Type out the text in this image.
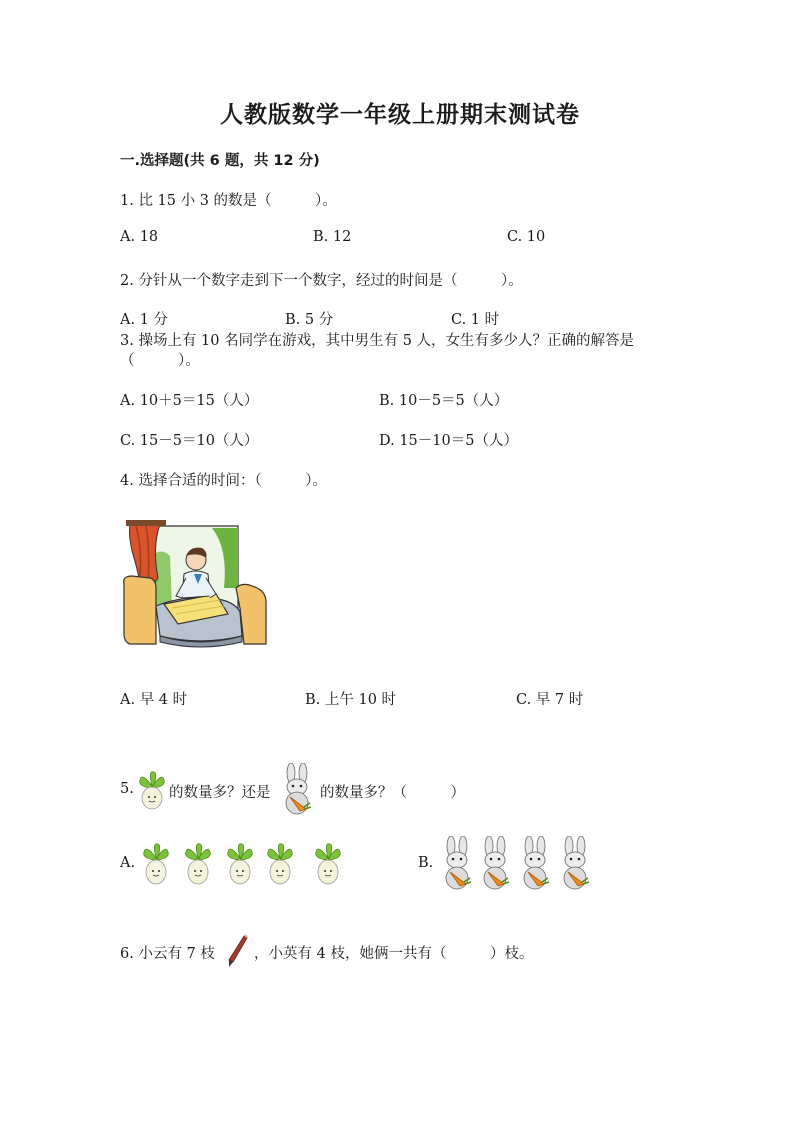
人教版数学一年级上册期末测试卷
一.选择题(共 6 题，共 12 分)
1. 比 15 小 3 的数是（　　　）。
A. 18	B. 12	C. 10
2. 分针从一个数字走到下一个数字，经过的时间是（　　　）。
A. 1 分	B. 5 分	C. 1 时
3. 操场上有 10 名同学在游戏，其中男生有 5 人，女生有多少人？正确的解答是
（　　　）。
A. 10＋5＝15（人）	B. 10－5＝5（人）
C. 15－5＝10（人）	D. 15－10＝5（人）
4. 选择合适的时间：（　　　）。
A. 早 4 时	B. 上午 10 时	C. 早 7 时
5. 的数量多？还是	的数量多？（　　　）
A.	B.
6. 小云有 7 枝	，小英有 4 枝，她俩一共有（　　　）枝。
